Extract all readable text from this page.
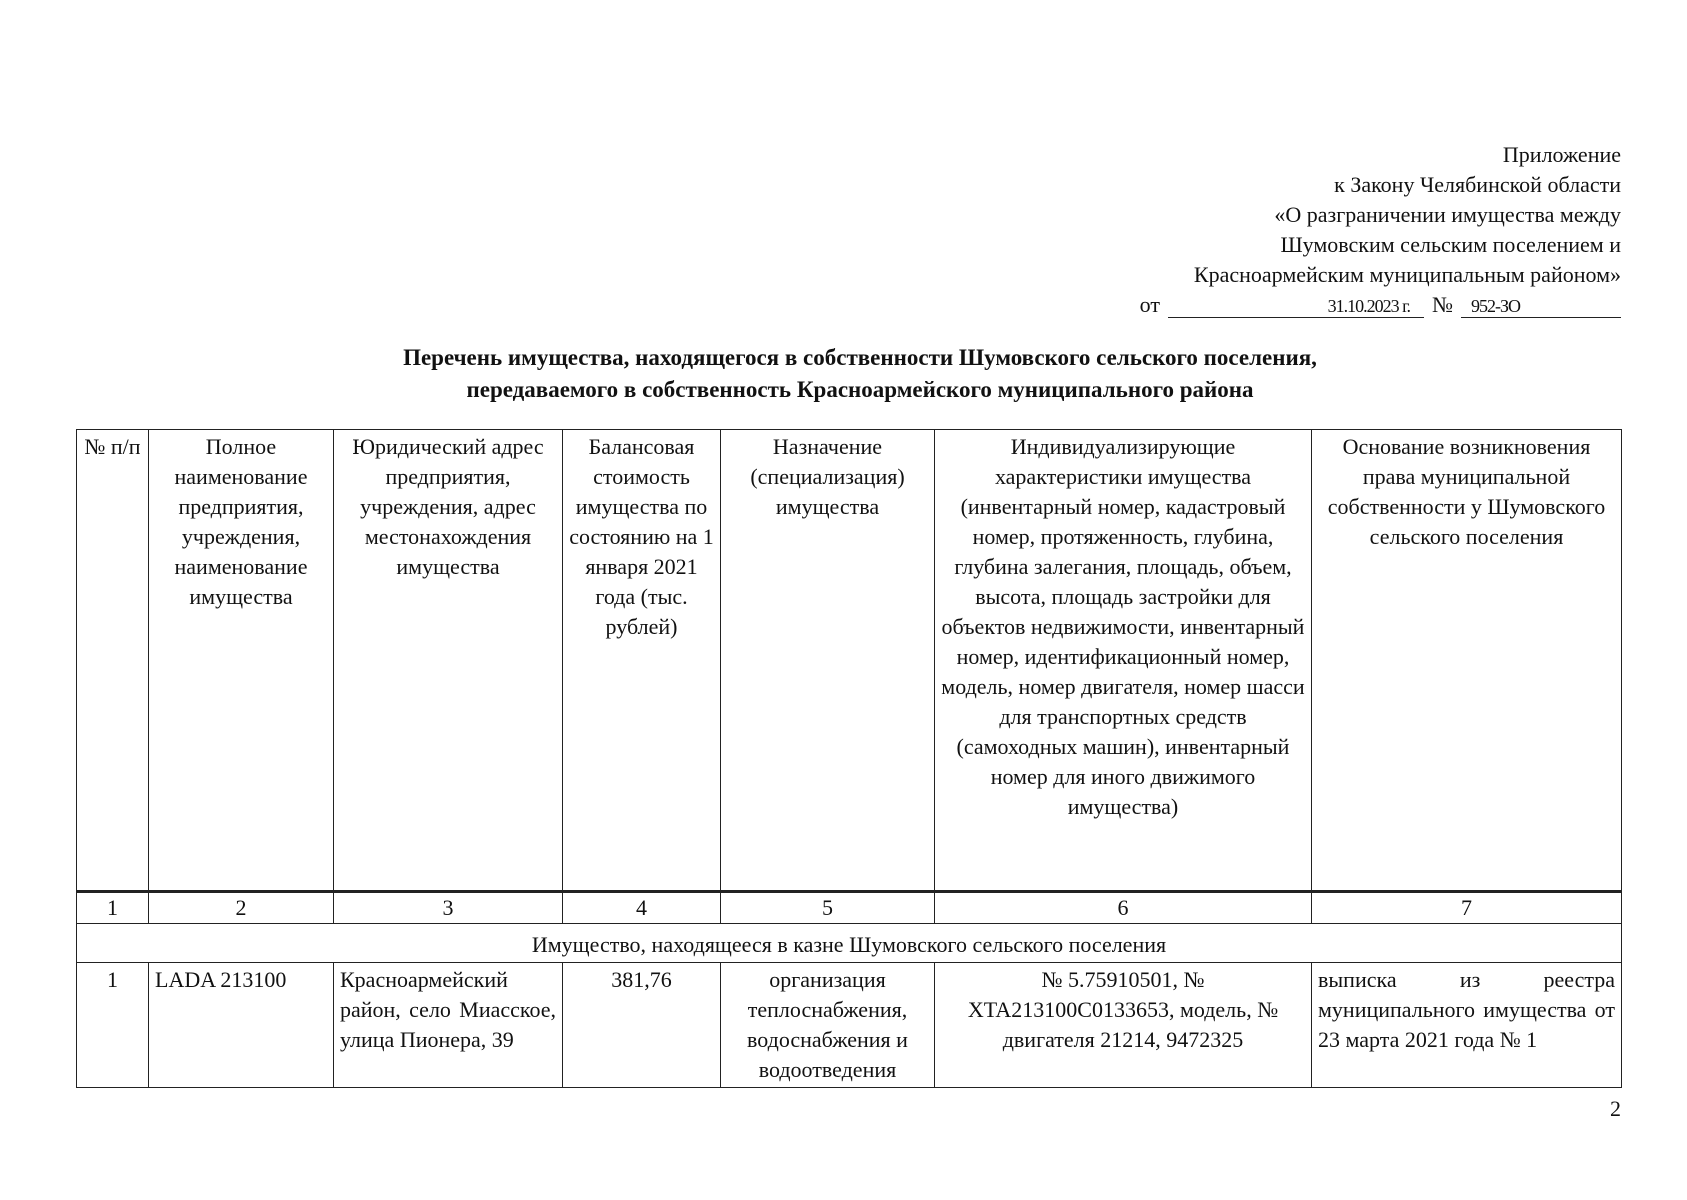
Приложение
к Закону Челябинской области
«О разграничении имущества между
Шумовским сельским поселением и
Красноармейским муниципальным районом»
от	31.10.2023 г. № 952-ЗО
Перечень имущества, находящегося в собственности Шумовского сельского поселения,
передаваемого в собственность Красноармейского муниципального района
№ п/п	Полное наименование предприятия, учреждения, наименование имущества	Юридический адрес предприятия, учреждения, адрес местонахождения имущества	Балансовая стоимость имущества по состоянию на 1 января 2021 года (тыс. рублей)	Назначение (специализация) имущества	Индивидуализирующие характеристики имущества (инвентарный номер, кадастровый номер, протяженность, глубина, глубина залегания, площадь, объем, высота, площадь застройки для объектов недвижимости, инвентарный номер, идентификационный номер, модель, номер двигателя, номер шасси для транспортных средств (самоходных машин), инвентарный номер для иного движимого имущества)	Основание возникновения права муниципальной собственности у Шумовского сельского поселения
1	2	3	4	5	6	7
Имущество, находящееся в казне Шумовского сельского поселения						
1	LADA 213100	Красноармейский район, село Миасское, улица Пионера, 39	381,76	организация теплоснабжения, водоснабжения и водоотведения	№ 5.75910501, № XTA213100C0133653, модель, № двигателя 21214, 9472325	выписка из реестра муниципального имущества от 23 марта 2021 года № 1
2
